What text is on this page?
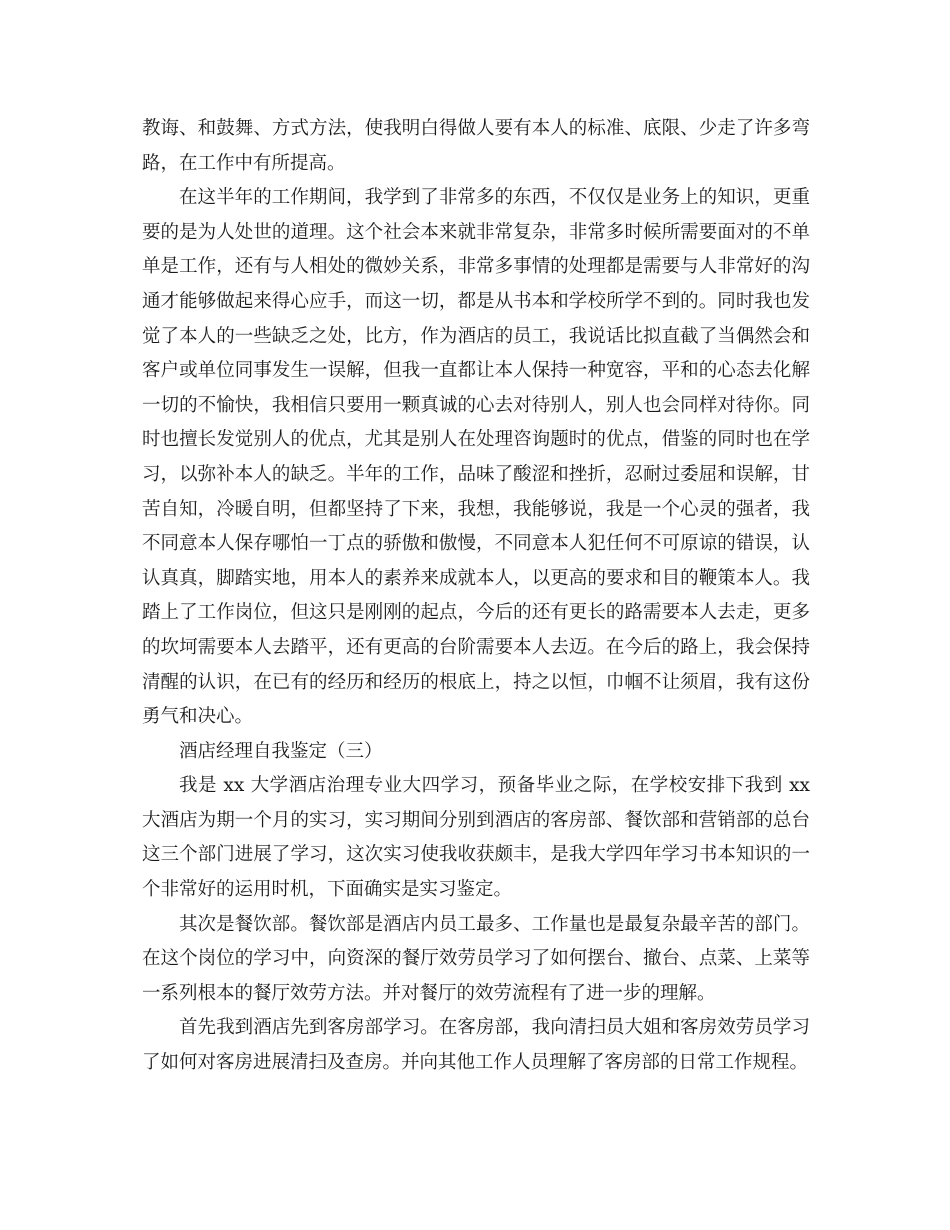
教诲、和鼓舞、方式方法，使我明白得做人要有本人的标准、底限、少走了许多弯路，在工作中有所提高。

在这半年的工作期间，我学到了非常多的东西，不仅仅是业务上的知识，更重要的是为人处世的道理。这个社会本来就非常复杂，非常多时候所需要面对的不单单是工作，还有与人相处的微妙关系，非常多事情的处理都是需要与人非常好的沟通才能够做起来得心应手，而这一切，都是从书本和学校所学不到的。同时我也发觉了本人的一些缺乏之处，比方，作为酒店的员工，我说话比拟直截了当偶然会和客户或单位同事发生一误解，但我一直都让本人保持一种宽容，平和的心态去化解一切的不愉快，我相信只要用一颗真诚的心去对待别人，别人也会同样对待你。同时也擅长发觉别人的优点，尤其是别人在处理咨询题时的优点，借鉴的同时也在学习，以弥补本人的缺乏。半年的工作，品味了酸涩和挫折，忍耐过委屈和误解，甘苦自知，冷暖自明，但都坚持了下来，我想，我能够说，我是一个心灵的强者，我不同意本人保存哪怕一丁点的骄傲和傲慢，不同意本人犯任何不可原谅的错误，认认真真，脚踏实地，用本人的素养来成就本人，以更高的要求和目的鞭策本人。我踏上了工作岗位，但这只是刚刚的起点，今后的还有更长的路需要本人去走，更多的坎坷需要本人去踏平，还有更高的台阶需要本人去迈。在今后的路上，我会保持清醒的认识，在已有的经历和经历的根底上，持之以恒，巾帼不让须眉，我有这份勇气和决心。

酒店经理自我鉴定（三）

我是 xx 大学酒店治理专业大四学习，预备毕业之际，在学校安排下我到 xx 大酒店为期一个月的实习，实习期间分别到酒店的客房部、餐饮部和营销部的总台这三个部门进展了学习，这次实习使我收获颇丰，是我大学四年学习书本知识的一个非常好的运用时机，下面确实是实习鉴定。

其次是餐饮部。餐饮部是酒店内员工最多、工作量也是最复杂最辛苦的部门。在这个岗位的学习中，向资深的餐厅效劳员学习了如何摆台、撤台、点菜、上菜等一系列根本的餐厅效劳方法。并对餐厅的效劳流程有了进一步的理解。

首先我到酒店先到客房部学习。在客房部，我向清扫员大姐和客房效劳员学习了如何对客房进展清扫及查房。并向其他工作人员理解了客房部的日常工作规程。
